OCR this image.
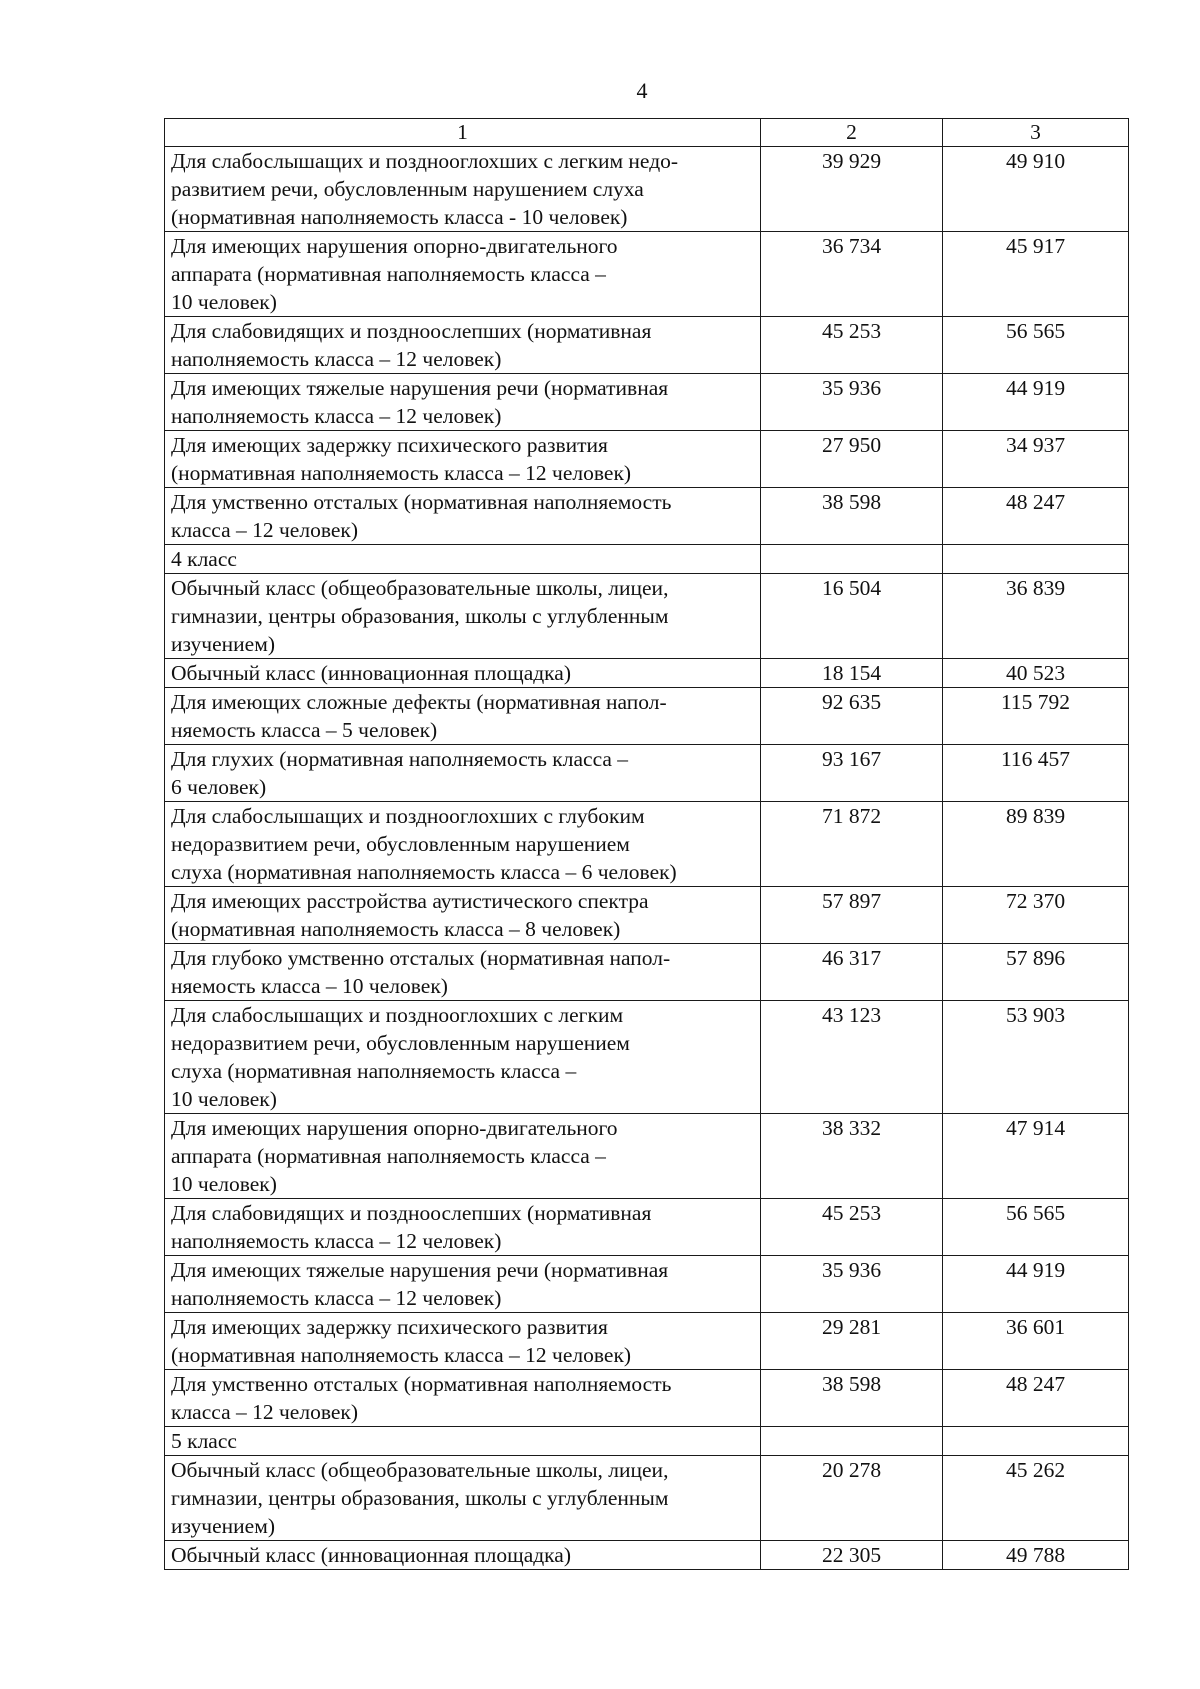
4
1	2	3

Для слабослышащих и позднооглохших с легким недо-
развитием речи, обусловленным нарушением слуха
(нормативная наполняемость класса - 10 человек)	39 929	49 910

Для имеющих нарушения опорно-двигательного
аппарата (нормативная наполняемость класса –
10 человек)	36 734	45 917

Для слабовидящих и поздноослепших (нормативная
наполняемость класса – 12 человек)	45 253	56 565

Для имеющих тяжелые нарушения речи (нормативная
наполняемость класса – 12 человек)	35 936	44 919

Для имеющих задержку психического развития
(нормативная наполняемость класса – 12 человек)	27 950	34 937

Для умственно отсталых (нормативная наполняемость
класса – 12 человек)	38 598	48 247

4 класс		

Обычный класс (общеобразовательные школы, лицеи,
гимназии, центры образования, школы с углубленным
изучением)	16 504	36 839

Обычный класс (инновационная площадка)	18 154	40 523

Для имеющих сложные дефекты (нормативная напол-
няемость класса – 5 человек)	92 635	115 792

Для глухих (нормативная наполняемость класса –
6 человек)	93 167	116 457

Для слабослышащих и позднооглохших с глубоким
недоразвитием речи, обусловленным нарушением
слуха (нормативная наполняемость класса – 6 человек)	71 872	89 839

Для имеющих расстройства аутистического спектра
(нормативная наполняемость класса – 8 человек)	57 897	72 370

Для глубоко умственно отсталых (нормативная напол-
няемость класса – 10 человек)	46 317	57 896

Для слабослышащих и позднооглохших с легким
недоразвитием речи, обусловленным нарушением
слуха (нормативная наполняемость класса –
10 человек)	43 123	53 903

Для имеющих нарушения опорно-двигательного
аппарата (нормативная наполняемость класса –
10 человек)	38 332	47 914

Для слабовидящих и поздноослепших (нормативная
наполняемость класса – 12 человек)	45 253	56 565

Для имеющих тяжелые нарушения речи (нормативная
наполняемость класса – 12 человек)	35 936	44 919

Для имеющих задержку психического развития
(нормативная наполняемость класса – 12 человек)	29 281	36 601

Для умственно отсталых (нормативная наполняемость
класса – 12 человек)	38 598	48 247

5 класс		

Обычный класс (общеобразовательные школы, лицеи,
гимназии, центры образования, школы с углубленным
изучением)	20 278	45 262

Обычный класс (инновационная площадка)	22 305	49 788
